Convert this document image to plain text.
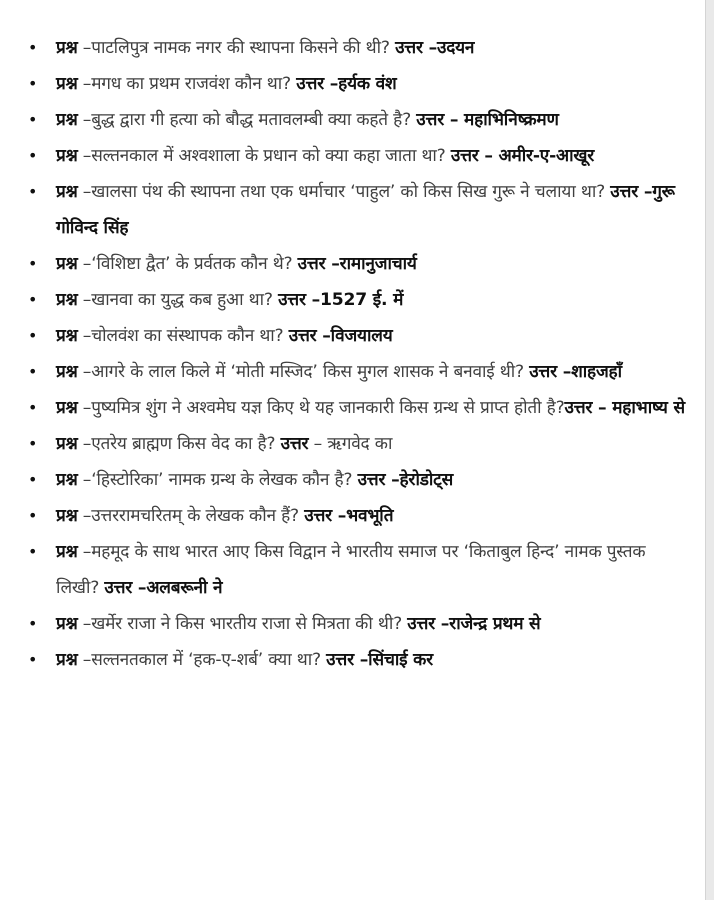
• प्रश्न –पाटलिपुत्र नामक नगर की स्थापना किसने की थी? उत्तर –उदयन
• प्रश्न –मगध का प्रथम राजवंश कौन था? उत्तर –हर्यक वंश
• प्रश्न –बुद्ध द्वारा गी हत्या को बौद्ध मतावलम्बी क्या कहते है? उत्तर – महाभिनिष्क्रमण
• प्रश्न –सल्तनकाल में अश्वशाला के प्रधान को क्या कहा जाता था? उत्तर – अमीर-ए-आखूर
• प्रश्न –खालसा पंथ की स्थापना तथा एक धर्माचार ‘पाहुल’ को किस सिख गुरू ने चलाया था? उत्तर –गुरू गोविन्द सिंह
• प्रश्न –‘विशिष्टा द्वैत’ के प्रर्वतक कौन थे? उत्तर –रामानुजाचार्य
• प्रश्न –खानवा का युद्ध कब हुआ था? उत्तर –1527 ई. में
• प्रश्न –चोलवंश का संस्थापक कौन था? उत्तर –विजयालय
• प्रश्न –आगरे के लाल किले में ‘मोती मस्जिद’ किस मुगल शासक ने बनवाई थी? उत्तर –शाहजहाँ
• प्रश्न –पुष्यमित्र शुंग ने अश्वमेघ यज्ञ किए थे यह जानकारी किस ग्रन्थ से प्राप्त होती है?उत्तर – महाभाष्य से
• प्रश्न –एतरेय ब्राह्मण किस वेद का है? उत्तर – ऋगवेद का
• प्रश्न –‘हिस्टोरिका’ नामक ग्रन्थ के लेखक कौन है? उत्तर –हेरोडोट्स
• प्रश्न –उत्तररामचरितम् के लेखक कौन हैं? उत्तर –भवभूति
• प्रश्न –महमूद के साथ भारत आए किस विद्वान ने भारतीय समाज पर ‘किताबुल हिन्द’ नामक पुस्तक लिखी? उत्तर –अलबरूनी ने
• प्रश्न –खर्मेर राजा ने किस भारतीय राजा से मित्रता की थी? उत्तर –राजेन्द्र प्रथम से
• प्रश्न –सल्तनतकाल में ‘हक-ए-शर्ब’ क्या था? उत्तर –सिंचाई कर
